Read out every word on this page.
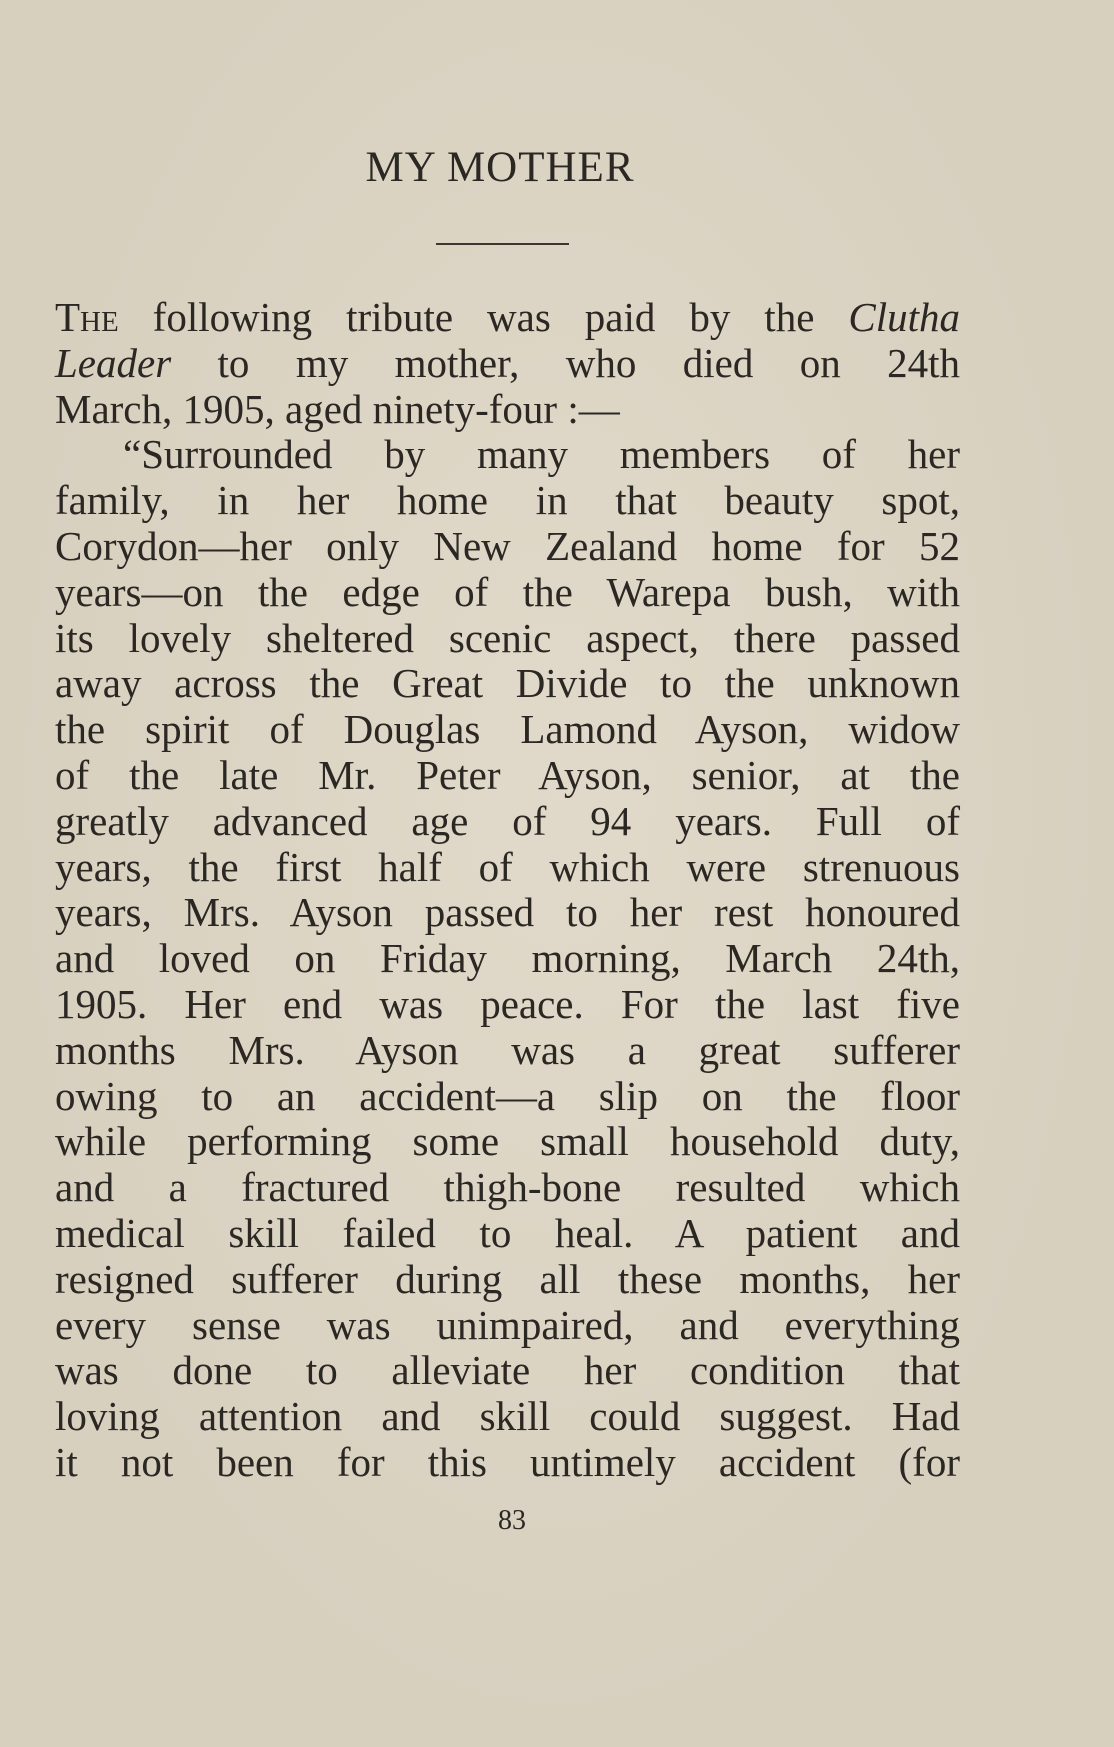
MY MOTHER
The following tribute was paid by the Clutha
Leader to my mother, who died on 24th
March, 1905, aged ninety-four :—
“Surrounded by many members of her
family, in her home in that beauty spot,
Corydon—her only New Zealand home for 52
years—on the edge of the Warepa bush, with
its lovely sheltered scenic aspect, there passed
away across the Great Divide to the unknown
the spirit of Douglas Lamond Ayson, widow
of the late Mr. Peter Ayson, senior, at the
greatly advanced age of 94 years. Full of
years, the first half of which were strenuous
years, Mrs. Ayson passed to her rest honoured
and loved on Friday morning, March 24th,
1905. Her end was peace. For the last five
months Mrs. Ayson was a great sufferer
owing to an accident—a slip on the floor
while performing some small household duty,
and a fractured thigh-bone resulted which
medical skill failed to heal. A patient and
resigned sufferer during all these months, her
every sense was unimpaired, and everything
was done to alleviate her condition that
loving attention and skill could suggest. Had
it not been for this untimely accident (for
83
